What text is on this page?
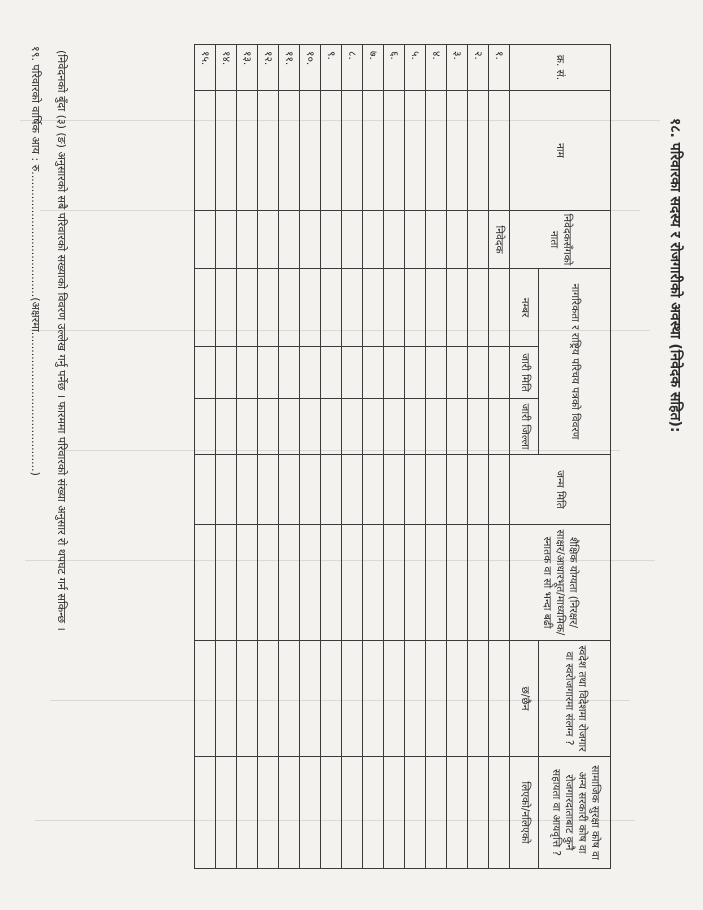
१८. परिवारका सदस्य र रोजगारीको अवस्था (निवेदक सहित):
क्र. सं.	नाम	निवेदकसँगको नाता	नागरिकता र राष्ट्रिय परिचय पत्रको विवरण			जन्म मिति	शैक्षिक योग्यता (निरक्षर/साक्षर/आधारभूत/माध्यमिक/स्नातक वा सो भन्दा बढी	स्वदेश तथा विदेशमा रोजगार वा स्वरोजगारमा संलग्न ?	सामाजिक सुरक्षा कोष वा अन्य सरकारी कोष वा रोजगारदाताबाट कुनै सहायता वा आयवृत्ति ?
			नम्बर	जारी मिति	जारी जिल्ला			छ/छैन	लिएको/नलिएको
१.		निवेदक							
२.									
३.									
४.									
५.									
६.									
७.									
८.									
९.									
१०.									
११.									
१२.									
१३.									
१४.									
१५.									
(निवेदनको बुँदा (३) (ङ) अनुसारको सबै परिवारको सख्याको विवरण उल्लेख गर्नु पर्नेछ । फारममा परिवारको संख्या अनुसार रो थपघट गर्न सकिन्छ ।
१९. परिवारको वार्षिक आय : रु....................................(अक्षरमा........................................)
